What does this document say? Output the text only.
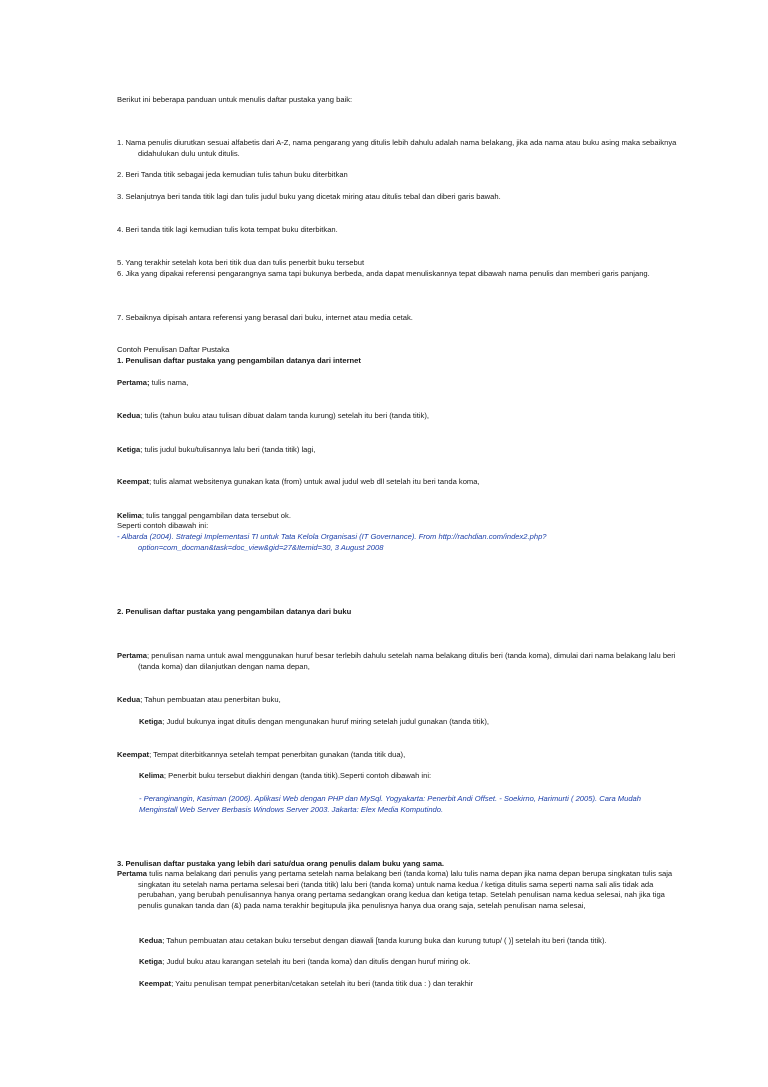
Berikut ini beberapa panduan untuk menulis daftar pustaka yang baik:

1. Nama penulis diurutkan sesuai alfabetis dari A-Z, nama pengarang yang ditulis lebih dahulu adalah nama belakang, jika ada nama atau buku asing maka sebaiknya didahulukan dulu untuk ditulis.

2. Beri Tanda titik sebagai jeda kemudian tulis tahun buku diterbitkan

3. Selanjutnya beri tanda titik lagi dan tulis judul buku yang dicetak miring atau ditulis tebal dan diberi garis bawah.

4. Beri tanda titik lagi kemudian tulis kota tempat buku diterbitkan.

5. Yang terakhir setelah kota beri titik dua dan tulis penerbit buku tersebut

6. Jika yang dipakai referensi pengarangnya sama tapi bukunya berbeda, anda dapat menuliskannya tepat dibawah nama penulis dan memberi garis panjang.

7. Sebaiknya dipisah antara referensi yang berasal dari buku, internet atau media cetak.

Contoh Penulisan Daftar Pustaka

1. Penulisan daftar pustaka yang pengambilan datanya dari internet

Pertama; tulis nama,

Kedua; tulis (tahun buku atau tulisan dibuat dalam tanda kurung) setelah itu beri (tanda titik),

Ketiga; tulis judul buku/tulisannya lalu beri (tanda titik) lagi,

Keempat; tulis alamat websitenya gunakan kata (from) untuk awal judul web dll setelah itu beri tanda koma,

Kelima; tulis tanggal pengambilan data tersebut ok.

Seperti contoh dibawah ini:

- Albarda (2004). Strategi Implementasi TI untuk Tata Kelola Organisasi (IT Governance). From http://rachdian.com/index2.php?option=com_docman&task=doc_view&gid=27&Itemid=30, 3 August 2008

2. Penulisan daftar pustaka yang pengambilan datanya dari buku

Pertama; penulisan nama untuk awal menggunakan huruf besar terlebih dahulu setelah nama belakang ditulis beri (tanda koma), dimulai dari nama belakang lalu beri (tanda koma) dan dilanjutkan dengan nama depan,

Kedua; Tahun pembuatan atau penerbitan buku,

Ketiga; Judul bukunya ingat ditulis dengan mengunakan huruf miring setelah judul gunakan (tanda titik),

Keempat; Tempat diterbitkannya setelah tempat penerbitan gunakan (tanda titik dua),

Kelima; Penerbit buku tersebut diakhiri dengan (tanda titik).Seperti contoh dibawah ini:

- Peranginangin, Kasiman (2006). Aplikasi Web dengan PHP dan MySql. Yogyakarta: Penerbit Andi Offset. - Soekirno, Harimurti ( 2005). Cara Mudah Menginstall Web Server Berbasis Windows Server 2003. Jakarta: Elex Media Komputindo.

3. Penulisan daftar pustaka yang lebih dari satu/dua orang penulis dalam buku yang sama.

Pertama tulis nama belakang dari penulis yang pertama setelah nama belakang beri (tanda koma) lalu tulis nama depan jika nama depan berupa singkatan tulis saja singkatan itu setelah nama pertama selesai beri (tanda titik) lalu beri (tanda koma) untuk nama kedua / ketiga ditulis sama seperti nama sali alis tidak ada perubahan, yang berubah penulisannya hanya orang pertama sedangkan orang kedua dan ketiga tetap. Setelah penulisan nama kedua selesai, nah jika tiga penulis gunakan tanda dan (&) pada nama terakhir begitupula jika penulisnya hanya dua orang saja, setelah penulisan nama selesai,

Kedua; Tahun pembuatan atau cetakan buku tersebut dengan diawali [tanda kurung buka dan kurung tutup/ ( )] setelah itu beri (tanda titik).

Ketiga; Judul buku atau karangan setelah itu beri (tanda koma) dan ditulis dengan huruf miring ok.

Keempat; Yaitu penulisan tempat penerbitan/cetakan setelah itu beri (tanda titik dua : ) dan terakhir
